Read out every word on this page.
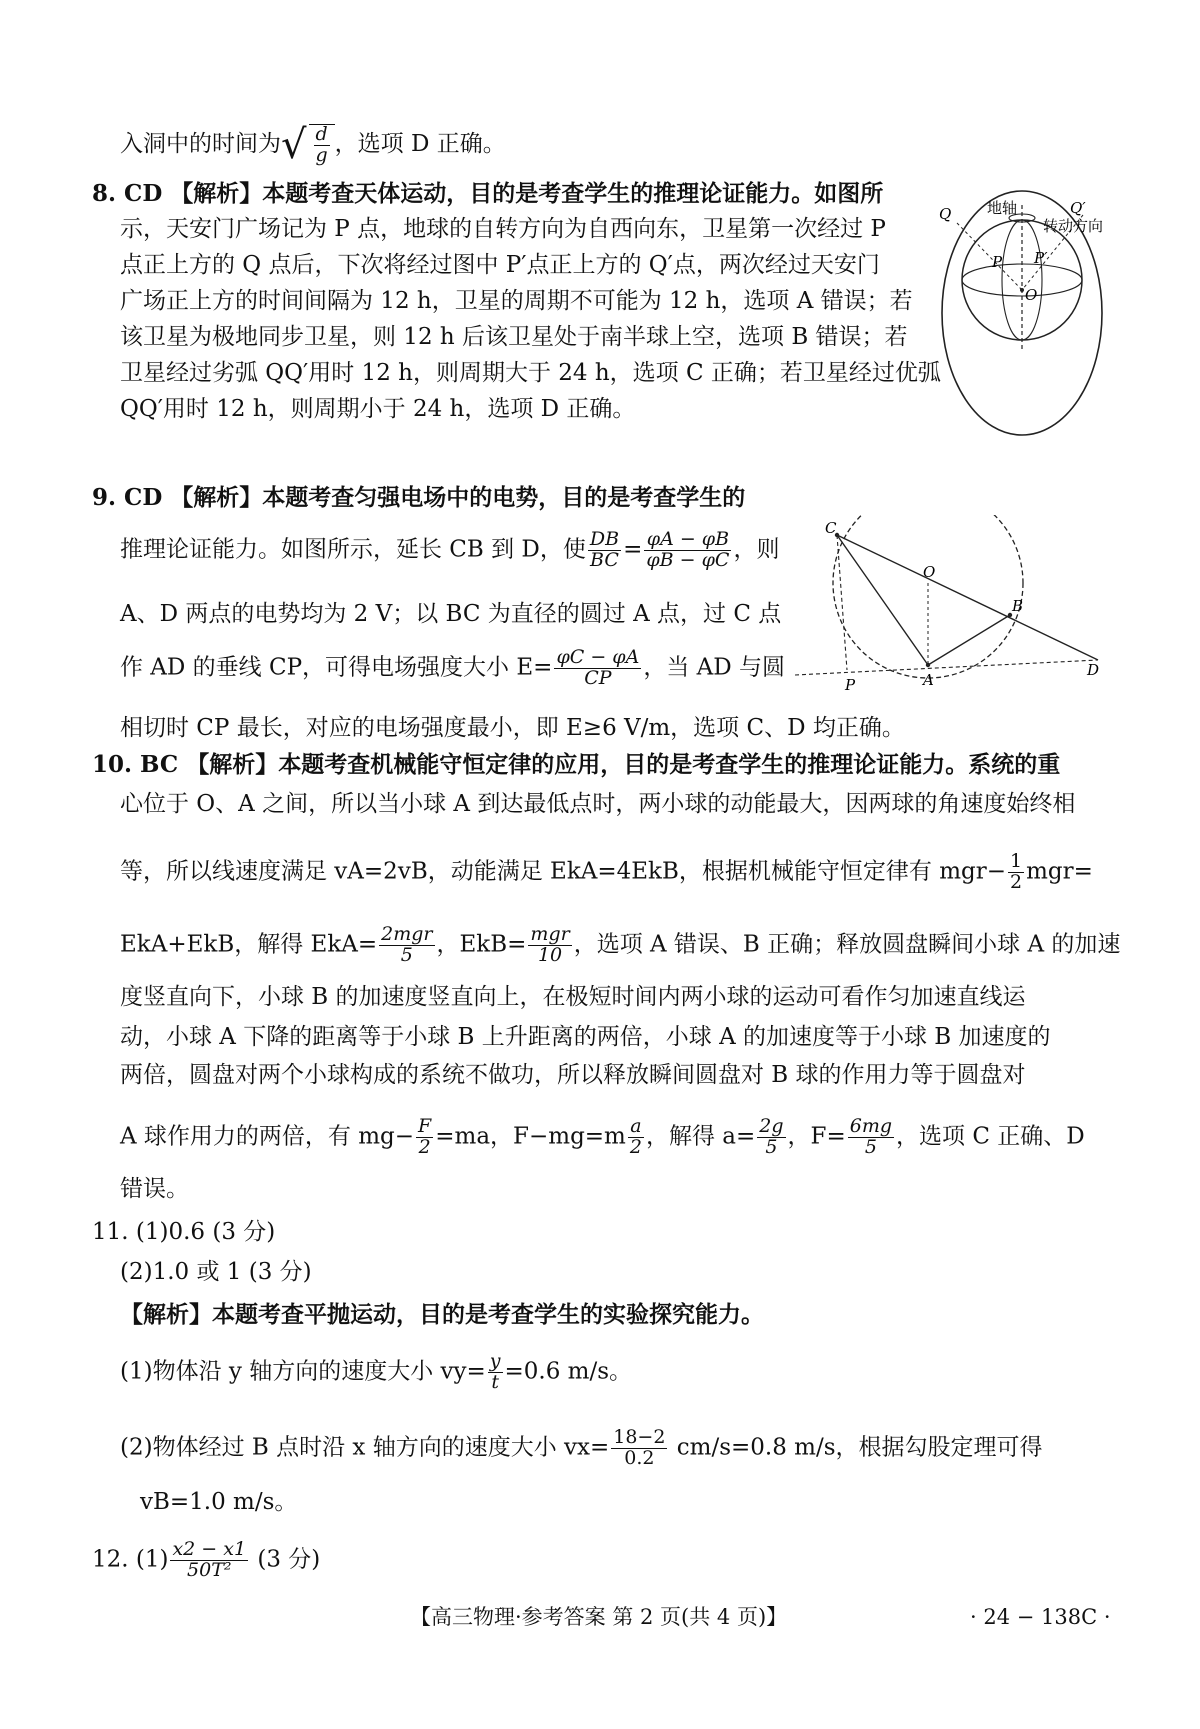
入洞中的时间为√ $\frac{d}{g}$ ，选项 D 正确。
8. CD 【解析】本题考查天体运动，目的是考查学生的推理论证能力。如图所
示，天安门广场记为 P 点，地球的自转方向为自西向东，卫星第一次经过 P
点正上方的 Q 点后，下次将经过图中 P′点正上方的 Q′点，两次经过天安门
广场正上方的时间间隔为 12 h，卫星的周期不可能为 12 h，选项 A 错误；若
该卫星为极地同步卫星，则 12 h 后该卫星处于南半球上空，选项 B 错误；若
卫星经过劣弧 QQ′用时 12 h，则周期大于 24 h，选项 C 正确；若卫星经过优弧
QQ′用时 12 h，则周期小于 24 h，选项 D 正确。
地轴
转动方向
Q	Q′
P P′
O
9. CD 【解析】本题考查匀强电场中的电势，目的是考查学生的
推理论证能力。如图所示，延长 CB 到 D，使 $\frac{DB}{BC} = \frac{\varphi A - \varphi B}{\varphi B - \varphi C}$ ，则
A、D 两点的电势均为 2 V；以 BC 为直径的圆过 A 点，过 C 点
作 AD 的垂线 CP，可得电场强度大小 $E= \frac{\varphi C - \varphi A}{CP}$ ，当 AD 与圆
相切时 CP 最长，对应的电场强度最小，即 E≥6 V/m，选项 C、D 均正确。
C
O
B
D
P	A
10. BC 【解析】本题考查机械能守恒定律的应用，目的是考查学生的推理论证能力。系统的重
心位于 O、A 之间，所以当小球 A 到达最低点时，两小球的动能最大，因两球的角速度始终相
等，所以线速度满足 vA=2vB，动能满足 EkA=4EkB，根据机械能守恒定律有 $mgr- \frac{1}{2} mgr=$
EkA+EkB，解得 $EkA= \frac{\text{2mgr}}{5}$ ，$EkB= \frac{\text{mgr}}{10}$ ，选项 A 错误、B 正确；释放圆盘瞬间小球 A 的加速
度竖直向下，小球 B 的加速度竖直向上，在极短时间内两小球的运动可看作匀加速直线运
动，小球 A 下降的距离等于小球 B 上升距离的两倍，小球 A 的加速度等于小球 B 加速度的
两倍，圆盘对两个小球构成的系统不做功，所以释放瞬间圆盘对 B 球的作用力等于圆盘对
A 球作用力的两倍，有 $mg- \frac{F}{2} =ma$，$F-mg=m \frac{a}{2}$ ，解得 $a= \frac{2g}{5}$ ，$F= \frac{6mg}{5}$ ，选项 C 正确、D
错误。
11. (1)0.6 (3 分)
(2)1.0 或 1 (3 分)
【解析】本题考查平抛运动，目的是考查学生的实验探究能力。
(1)物体沿 y 轴方向的速度大小 $vy= \frac{y}{t} =0.6$ m/s。
(2)物体经过 B 点时沿 x 轴方向的速度大小 $vx= \frac{18-2}{0.2} cm/s=0.8$ m/s，根据勾股定理可得
vB=1.0 m/s。
12. $(1) \frac{x2 - x1}{\text{50T²}} (3$ 分)
【高三物理·参考答案 第 2 页(共 4 页)】	· 24 − 138C ·
